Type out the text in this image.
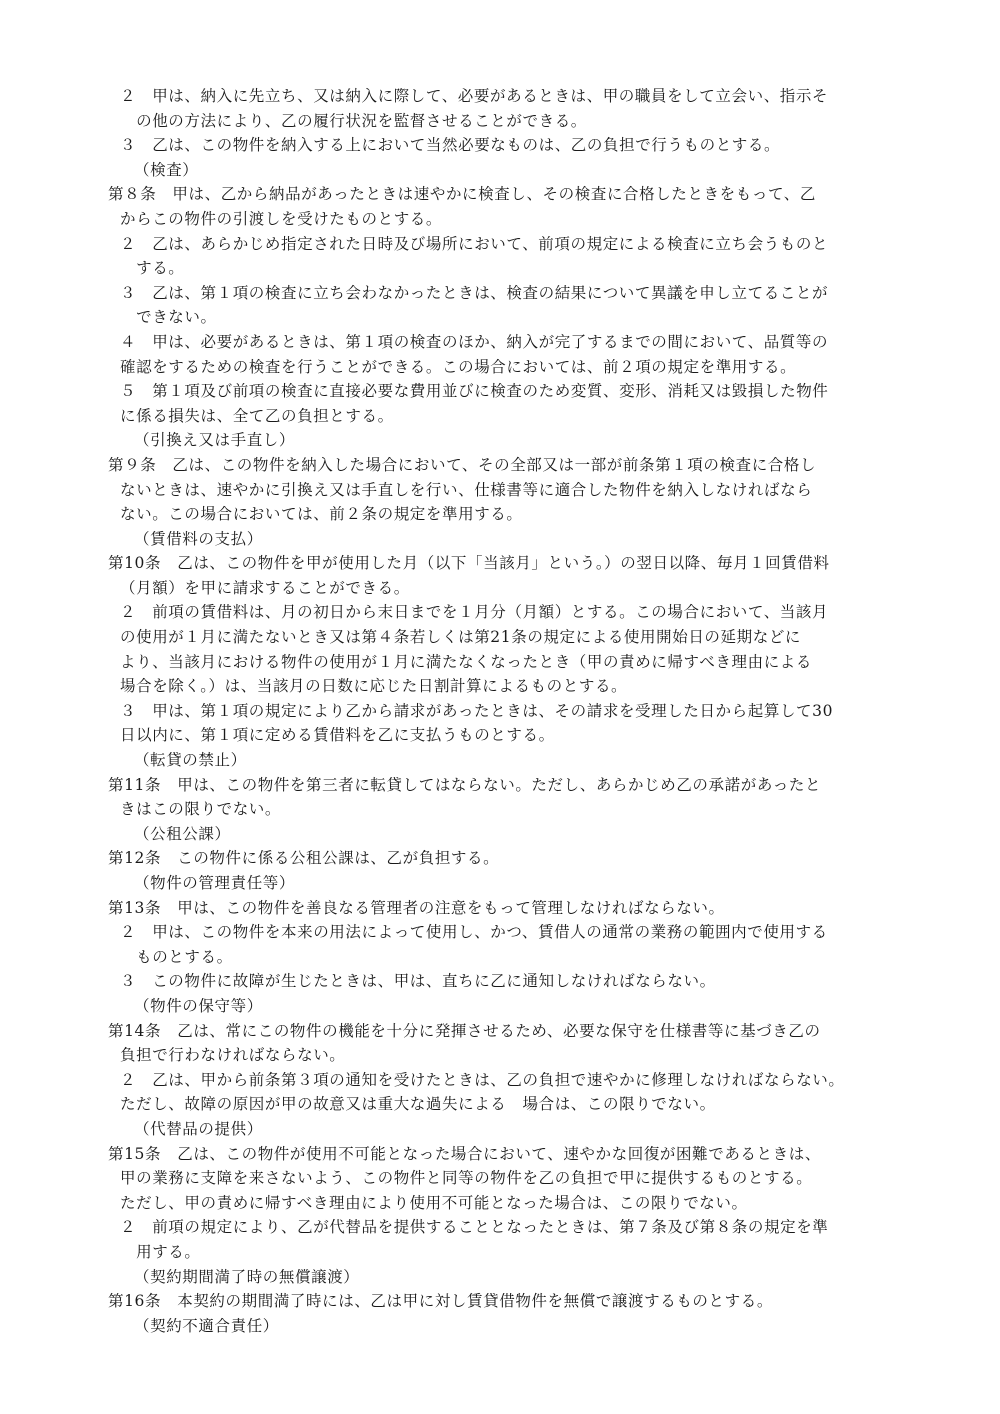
２　甲は、納入に先立ち、又は納入に際して、必要があるときは、甲の職員をして立会い、指示そ
　の他の方法により、乙の履行状況を監督させることができる。
３　乙は、この物件を納入する上において当然必要なものは、乙の負担で行うものとする。
（検査）
第８条　甲は、乙から納品があったときは速やかに検査し、その検査に合格したときをもって、乙
からこの物件の引渡しを受けたものとする。
２　乙は、あらかじめ指定された日時及び場所において、前項の規定による検査に立ち会うものと
　する。
３　乙は、第１項の検査に立ち会わなかったときは、検査の結果について異議を申し立てることが
　できない。
４　甲は、必要があるときは、第１項の検査のほか、納入が完了するまでの間において、品質等の
確認をするための検査を行うことができる。この場合においては、前２項の規定を準用する。
５　第１項及び前項の検査に直接必要な費用並びに検査のため変質、変形、消耗又は毀損した物件
に係る損失は、全て乙の負担とする。
（引換え又は手直し）
第９条　乙は、この物件を納入した場合において、その全部又は一部が前条第１項の検査に合格し
ないときは、速やかに引換え又は手直しを行い、仕様書等に適合した物件を納入しなければなら
ない。この場合においては、前２条の規定を準用する。
（賃借料の支払）
第10条　乙は、この物件を甲が使用した月（以下「当該月」という。）の翌日以降、毎月１回賃借料
（月額）を甲に請求することができる。
２　前項の賃借料は、月の初日から末日までを１月分（月額）とする。この場合において、当該月
の使用が１月に満たないとき又は第４条若しくは第21条の規定による使用開始日の延期などに
より、当該月における物件の使用が１月に満たなくなったとき（甲の責めに帰すべき理由による
場合を除く。）は、当該月の日数に応じた日割計算によるものとする。
３　甲は、第１項の規定により乙から請求があったときは、その請求を受理した日から起算して30
日以内に、第１項に定める賃借料を乙に支払うものとする。
（転貸の禁止）
第11条　甲は、この物件を第三者に転貸してはならない。ただし、あらかじめ乙の承諾があったと
きはこの限りでない。
（公租公課）
第12条　この物件に係る公租公課は、乙が負担する。
（物件の管理責任等）
第13条　甲は、この物件を善良なる管理者の注意をもって管理しなければならない。
２　甲は、この物件を本来の用法によって使用し、かつ、賃借人の通常の業務の範囲内で使用する
　ものとする。
３　この物件に故障が生じたときは、甲は、直ちに乙に通知しなければならない。
（物件の保守等）
第14条　乙は、常にこの物件の機能を十分に発揮させるため、必要な保守を仕様書等に基づき乙の
負担で行わなければならない。
２　乙は、甲から前条第３項の通知を受けたときは、乙の負担で速やかに修理しなければならない。
ただし、故障の原因が甲の故意又は重大な過失による　場合は、この限りでない。
（代替品の提供）
第15条　乙は、この物件が使用不可能となった場合において、速やかな回復が困難であるときは、
甲の業務に支障を来さないよう、この物件と同等の物件を乙の負担で甲に提供するものとする。
ただし、甲の責めに帰すべき理由により使用不可能となった場合は、この限りでない。
２　前項の規定により、乙が代替品を提供することとなったときは、第７条及び第８条の規定を準
　用する。
（契約期間満了時の無償譲渡）
第16条　本契約の期間満了時には、乙は甲に対し賃貸借物件を無償で譲渡するものとする。
（契約不適合責任）
